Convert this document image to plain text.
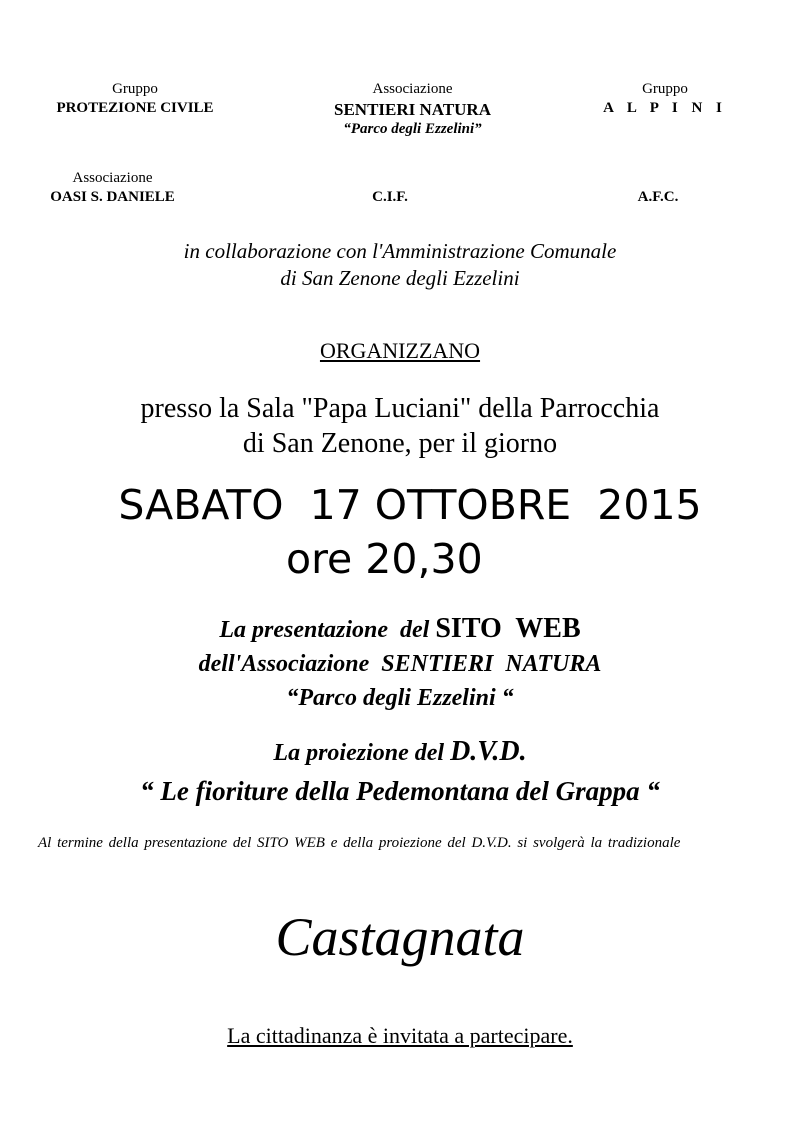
Gruppo
PROTEZIONE CIVILE
Associazione
SENTIERI NATURA
“Parco degli Ezzelini”
Gruppo
A L P I N I
Associazione
OASI S. DANIELE
	C.I.F.
	A.F.C.
in collaborazione con l'Amministrazione Comunale
di San Zenone degli Ezzelini
ORGANIZZANO
presso la Sala "Papa Luciani" della Parrocchia
di San Zenone, per il giorno
SABATO  17 OTTOBRE  2015
ore 20,30
La presentazione  del SITO  WEB
dell'Associazione  SENTIERI  NATURA
“Parco degli Ezzelini “
La proiezione del D.V.D.
“ Le fioriture della Pedemontana del Grappa “
Al termine della presentazione del SITO WEB e della proiezione del D.V.D. si svolgerà la tradizionale
Castagnata
La cittadinanza è invitata a partecipare.
